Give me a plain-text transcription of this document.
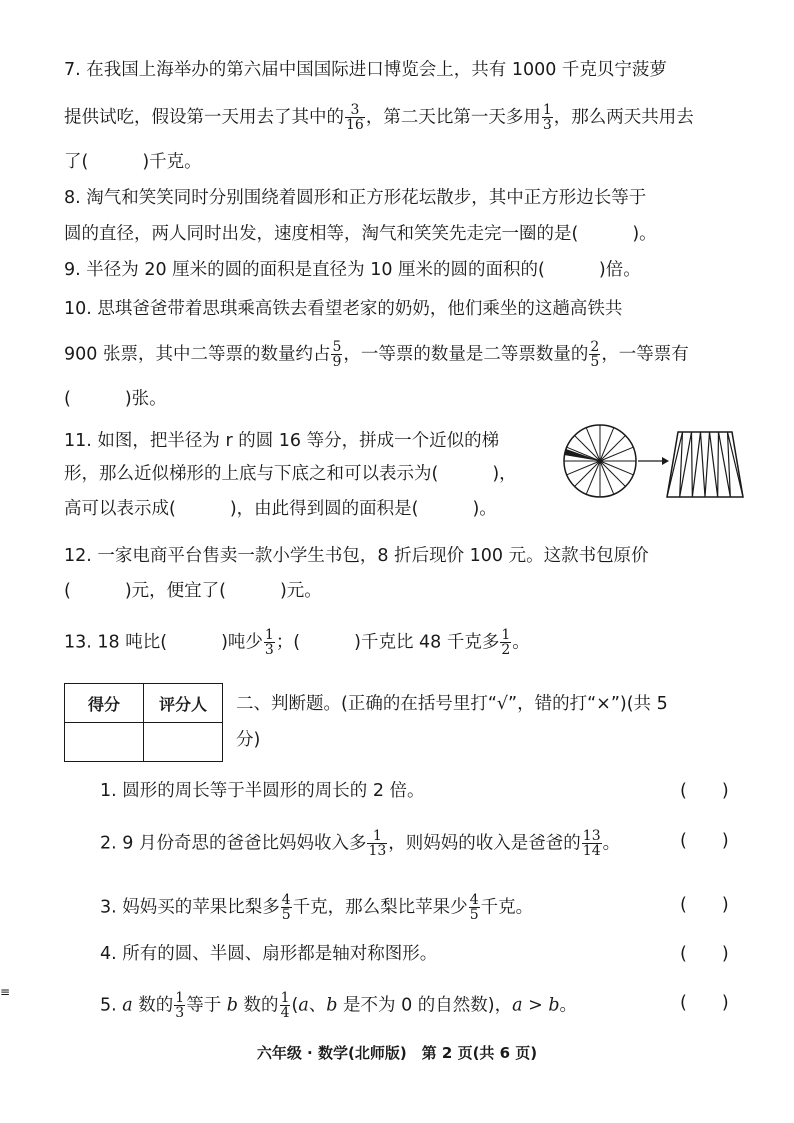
7. 在我国上海举办的第六届中国国际进口博览会上，共有 1000 千克贝宁菠萝
提供试吃，假设第一天用去了其中的 $\frac{3}{16}$ ，第二天比第一天多用 $\frac{1}{3}$ ，那么两天共用去
了(	)千克。
8. 淘气和笑笑同时分别围绕着圆形和正方形花坛散步，其中正方形边长等于
圆的直径，两人同时出发，速度相等，淘气和笑笑先走完一圈的是(	)。
9. 半径为 20 厘米的圆的面积是直径为 10 厘米的圆的面积的(	)倍。
10. 思琪爸爸带着思琪乘高铁去看望老家的奶奶，他们乘坐的这趟高铁共
900 张票，其中二等票的数量约占 $\frac{5}{9}$ ，一等票的数量是二等票数量的 $\frac{2}{5}$ ，一等票有
(	)张。
11. 如图，把半径为 r 的圆 16 等分，拼成一个近似的梯
形，那么近似梯形的上底与下底之和可以表示为(	)，
高可以表示成(	)，由此得到圆的面积是(	)。
12. 一家电商平台售卖一款小学生书包，8 折后现价 100 元。这款书包原价
(	)元，便宜了(	)元。
13. 18 吨比(	)吨少 $\frac{1}{3}$ ；(	)千克比 48 千克多 $\frac{1}{2}$ 。
得分	评分人
	二、判断题。(正确的在括号里打“√”，错的打“×”)(共 5
分)
1. 圆形的周长等于半圆形的周长的 2 倍。	(　　)
2. 9 月份奇思的爸爸比妈妈收入多 $\frac{1}{13}$ ，则妈妈的收入是爸爸的 $\frac{13}{14}$ 。	(　　)
3. 妈妈买的苹果比梨多 $\frac{4}{5}$ 千克，那么梨比苹果少 $\frac{4}{5}$ 千克。	(　　)
4. 所有的圆、半圆、扇形都是轴对称图形。	(　　)
5. a 数的 $\frac{1}{3}$ 等于 b 数的 $\frac{1}{4} (a$、b 是不为 0 的自然数)，a > b。	(　　)
≡
六年级 · 数学(北师版)　第 2 页(共 6 页)
